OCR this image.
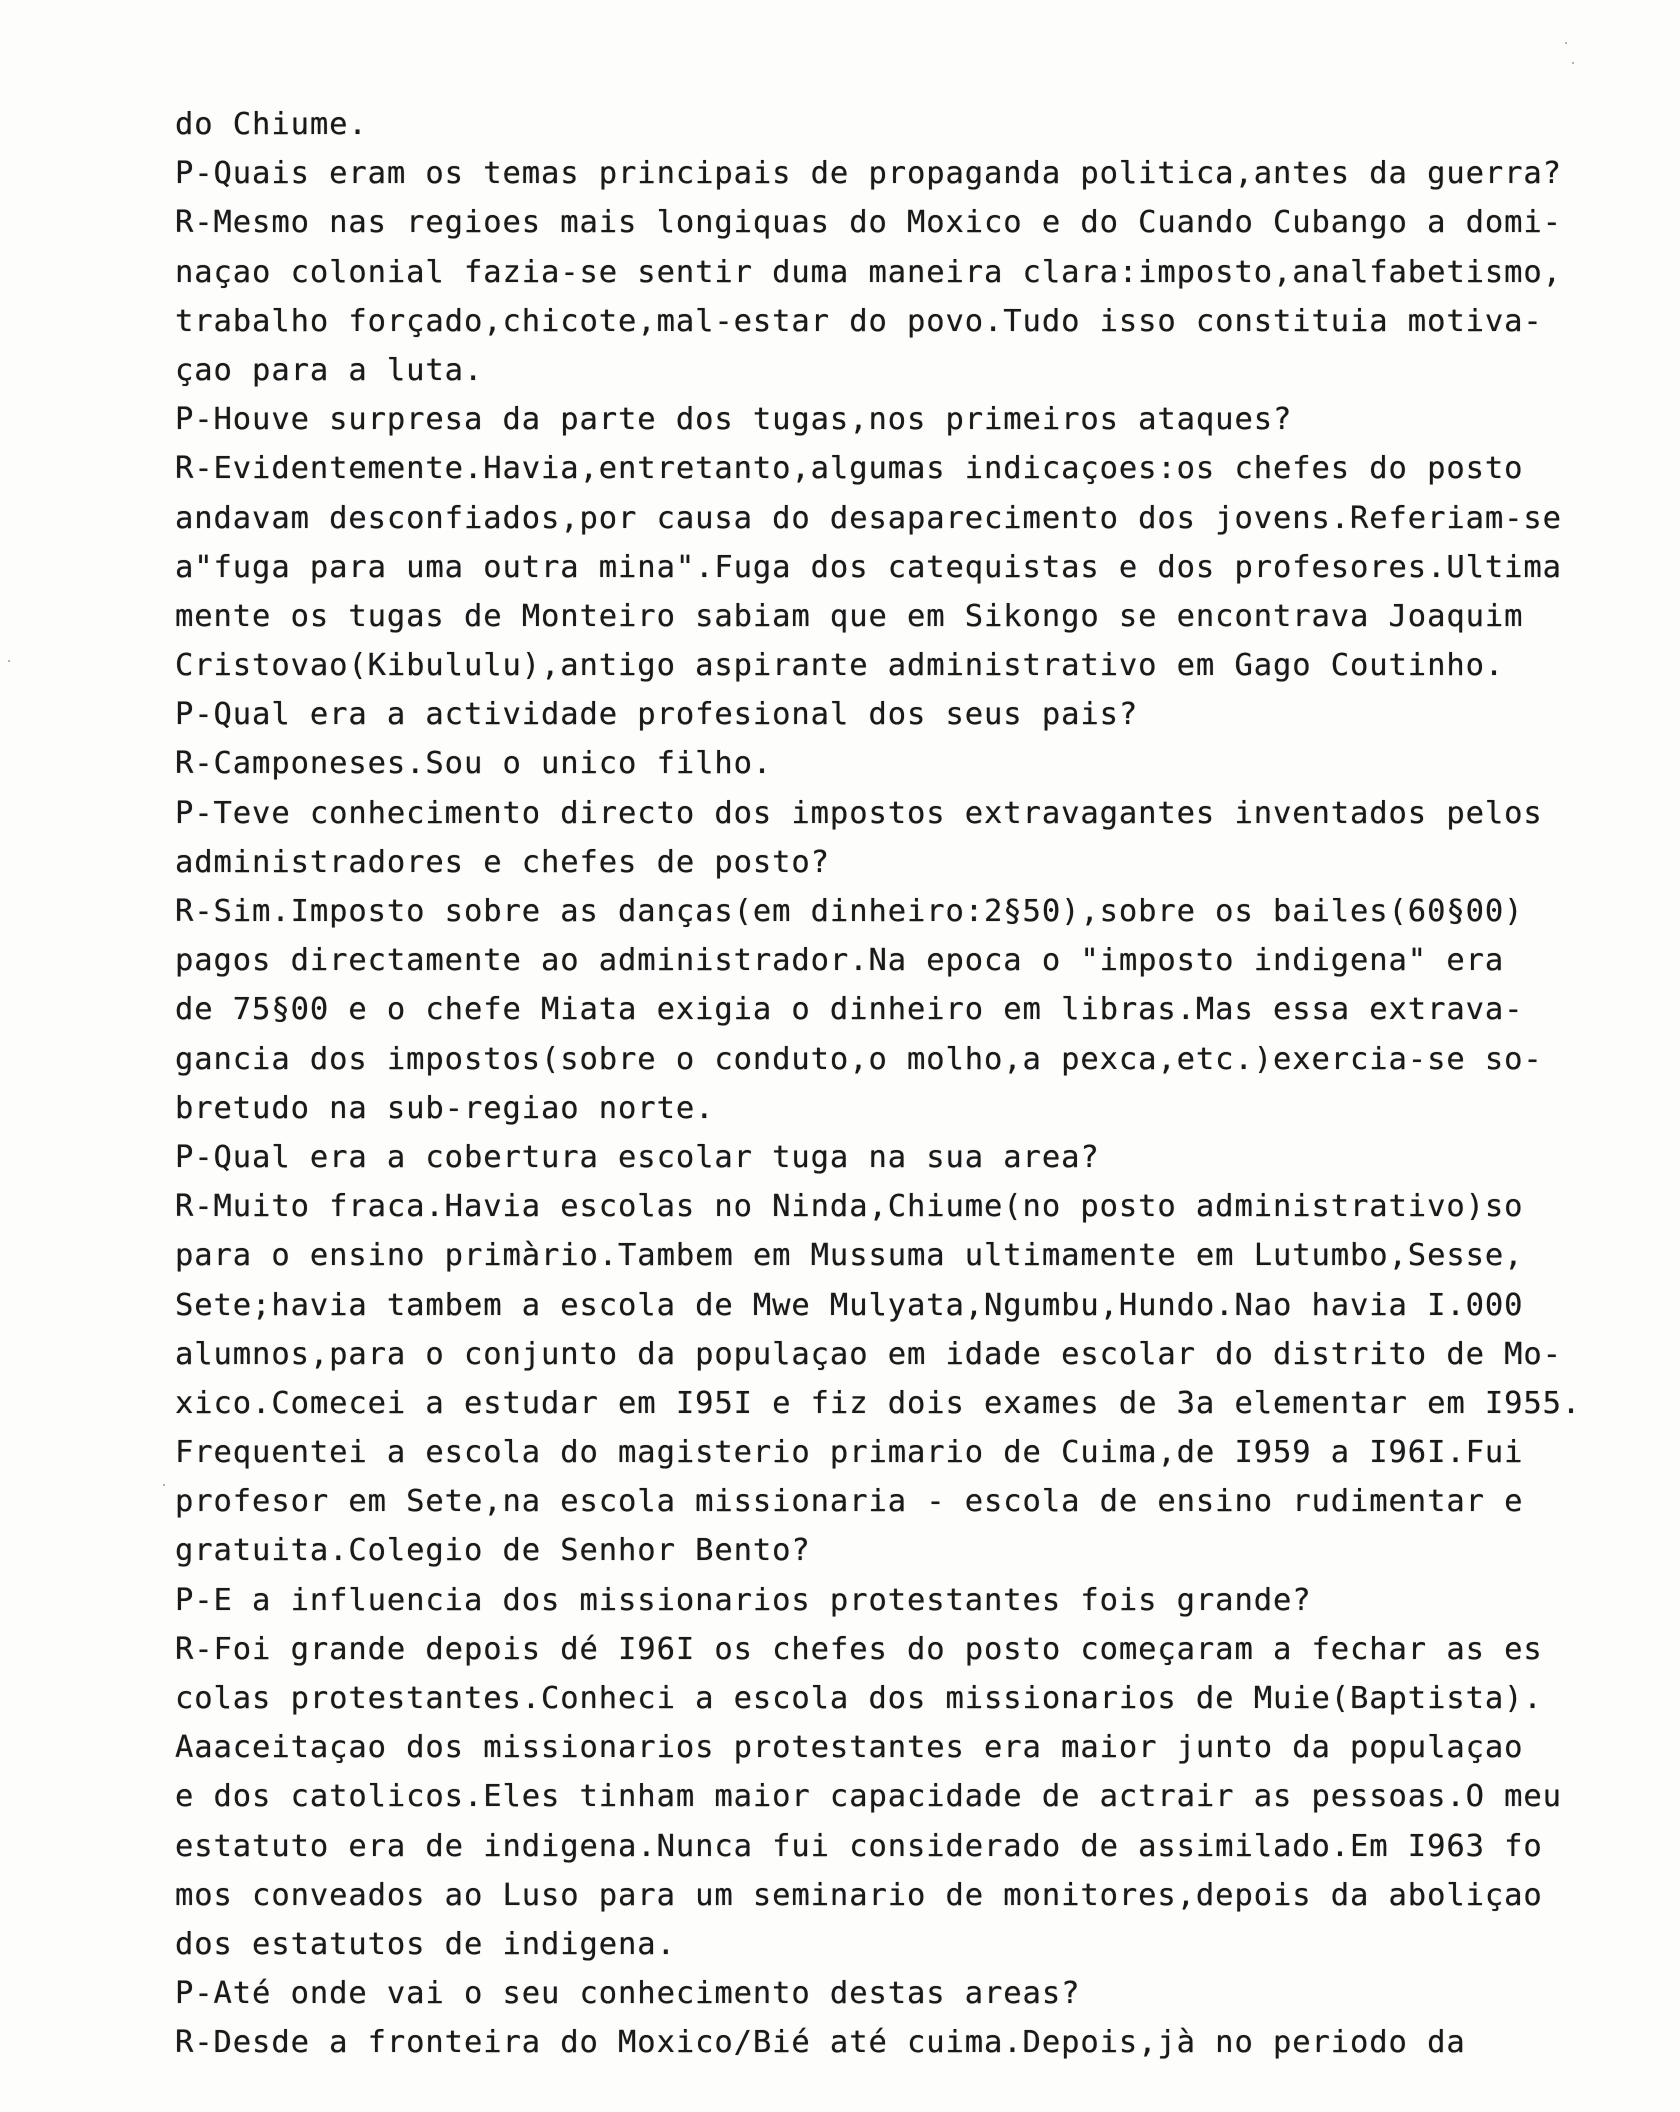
do Chiume.
P-Quais eram os temas principais de propaganda politica,antes da guerra?
R-Mesmo nas regioes mais longiquas do Moxico e do Cuando Cubango a domi-
naçao colonial fazia-se sentir duma maneira clara:imposto,analfabetismo,
trabalho forçado,chicote,mal-estar do povo.Tudo isso constituia motiva-
çao para a luta.
P-Houve surpresa da parte dos tugas,nos primeiros ataques?
R-Evidentemente.Havia,entretanto,algumas indicaçoes:os chefes do posto
andavam desconfiados,por causa do desaparecimento dos jovens.Referiam-se
a"fuga para uma outra mina".Fuga dos catequistas e dos profesores.Ultima
mente os tugas de Monteiro sabiam que em Sikongo se encontrava Joaquim
Cristovao(Kibululu),antigo aspirante administrativo em Gago Coutinho.
P-Qual era a actividade profesional dos seus pais?
R-Camponeses.Sou o unico filho.
P-Teve conhecimento directo dos impostos extravagantes inventados pelos
administradores e chefes de posto?
R-Sim.Imposto sobre as danças(em dinheiro:2§50),sobre os bailes(60§00)
pagos directamente ao administrador.Na epoca o "imposto indigena" era
de 75§00 e o chefe Miata exigia o dinheiro em libras.Mas essa extrava-
gancia dos impostos(sobre o conduto,o molho,a pexca,etc.)exercia-se so-
bretudo na sub-regiao norte.
P-Qual era a cobertura escolar tuga na sua area?
R-Muito fraca.Havia escolas no Ninda,Chiume(no posto administrativo)so
para o ensino primàrio.Tambem em Mussuma ultimamente em Lutumbo,Sesse,
Sete;havia tambem a escola de Mwe Mulyata,Ngumbu,Hundo.Nao havia I.000
alumnos,para o conjunto da populaçao em idade escolar do distrito de Mo-
xico.Comecei a estudar em I95I e fiz dois exames de 3a elementar em I955.
Frequentei a escola do magisterio primario de Cuima,de I959 a I96I.Fui
profesor em Sete,na escola missionaria - escola de ensino rudimentar e
gratuita.Colegio de Senhor Bento?
P-E a influencia dos missionarios protestantes fois grande?
R-Foi grande depois dé I96I os chefes do posto começaram a fechar as es
colas protestantes.Conheci a escola dos missionarios de Muie(Baptista).
Aaaceitaçao dos missionarios protestantes era maior junto da populaçao
e dos catolicos.Eles tinham maior capacidade de actrair as pessoas.O meu
estatuto era de indigena.Nunca fui considerado de assimilado.Em I963 fo
mos conveados ao Luso para um seminario de monitores,depois da aboliçao
dos estatutos de indigena.
P-Até onde vai o seu conhecimento destas areas?
R-Desde a fronteira do Moxico/Bié até cuima.Depois,jà no periodo da
